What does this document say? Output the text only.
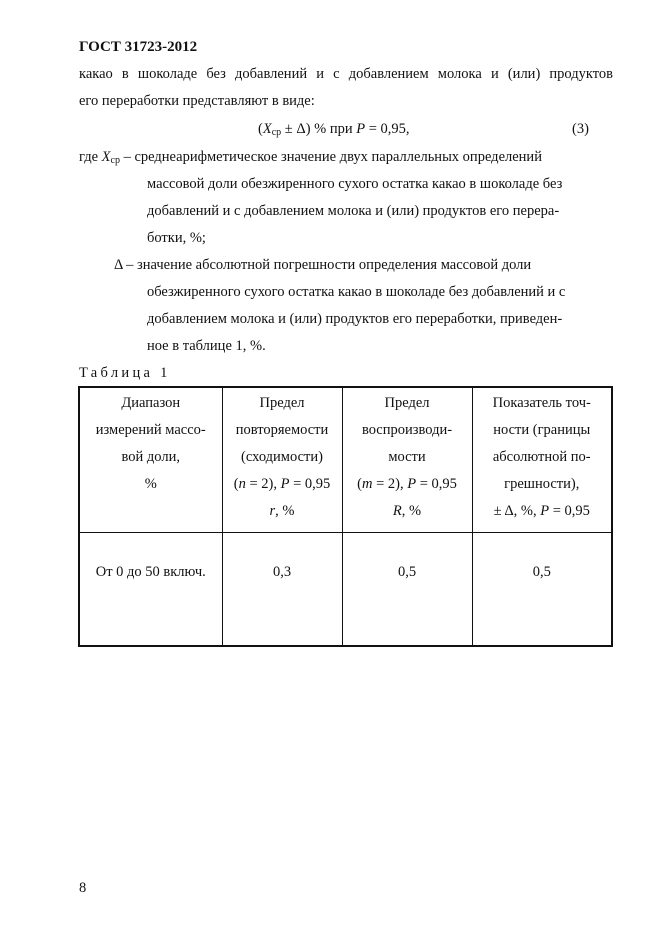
ГОСТ 31723-2012
какао в шоколаде без добавлений и с добавлением молока и (или) продуктов
его переработки представляют в виде:
$(X_{ср} \pm \Delta)$ % при P = 0,95,	(3)
где $X_{ср}$ – среднеарифметическое значение двух параллельных определений
массовой доли обезжиренного сухого остатка какао в шоколаде без
добавлений и с добавлением молока и (или) продуктов его перера-
ботки, %;
Δ – значение абсолютной погрешности определения массовой доли
обезжиренного сухого остатка какао в шоколаде без добавлений и с
добавлением молока и (или) продуктов его переработки, приведен-
ное в таблице 1, %.
Таблица 1
Диапазон
измерений массо-
вой доли,
%	Предел
повторяемости
(сходимости)
(n = 2), P = 0,95
r, %	Предел
воспроизводи-
мости
(m = 2), P = 0,95
R, %	Показатель точ-
ности (границы
абсолютной по-
грешности),
± Δ, %, P = 0,95

От 0 до 50 включ.	0,3	0,5	0,5
8
